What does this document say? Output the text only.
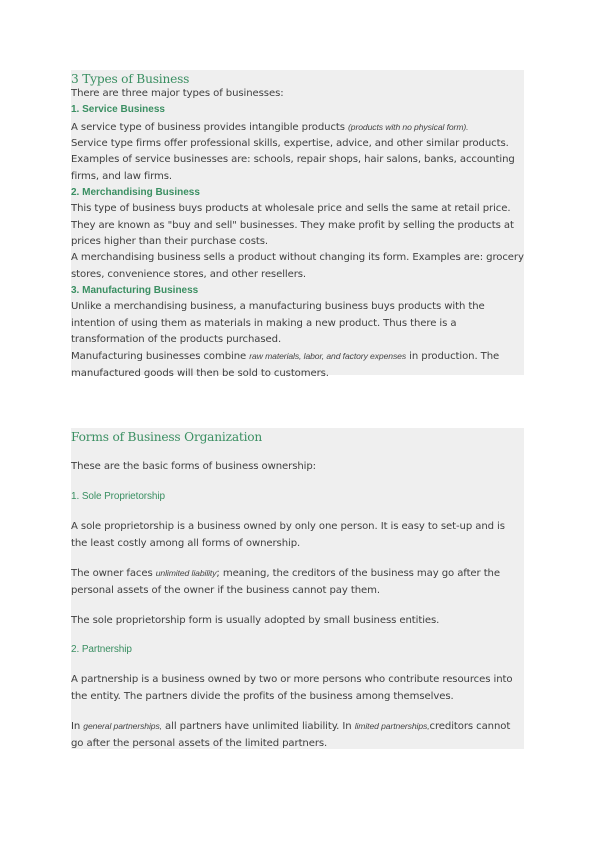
3 Types of Business
There are three major types of businesses:
1. Service Business

A service type of business provides intangible products (products with no physical form).

Service type firms offer professional skills, expertise, advice, and other similar products.

Examples of service businesses are: schools, repair shops, hair salons, banks, accounting firms, and law firms.

2. Merchandising Business

This type of business buys products at wholesale price and sells the same at retail price. They are known as "buy and sell" businesses. They make profit by selling the products at prices higher than their purchase costs.

A merchandising business sells a product without changing its form. Examples are: grocery stores, convenience stores, and other resellers.

3. Manufacturing Business

Unlike a merchandising business, a manufacturing business buys products with the intention of using them as materials in making a new product. Thus there is a transformation of the products purchased.

Manufacturing businesses combine raw materials, labor, and factory expenses in production. The manufactured goods will then be sold to customers.

Forms of Business Organization

These are the basic forms of business ownership:

1. Sole Proprietorship

A sole proprietorship is a business owned by only one person. It is easy to set-up and is the least costly among all forms of ownership.

The owner faces unlimited liability; meaning, the creditors of the business may go after the personal assets of the owner if the business cannot pay them.

The sole proprietorship form is usually adopted by small business entities.

2. Partnership

A partnership is a business owned by two or more persons who contribute resources into the entity. The partners divide the profits of the business among themselves.

In general partnerships, all partners have unlimited liability. In limited partnerships,creditors cannot go after the personal assets of the limited partners.
